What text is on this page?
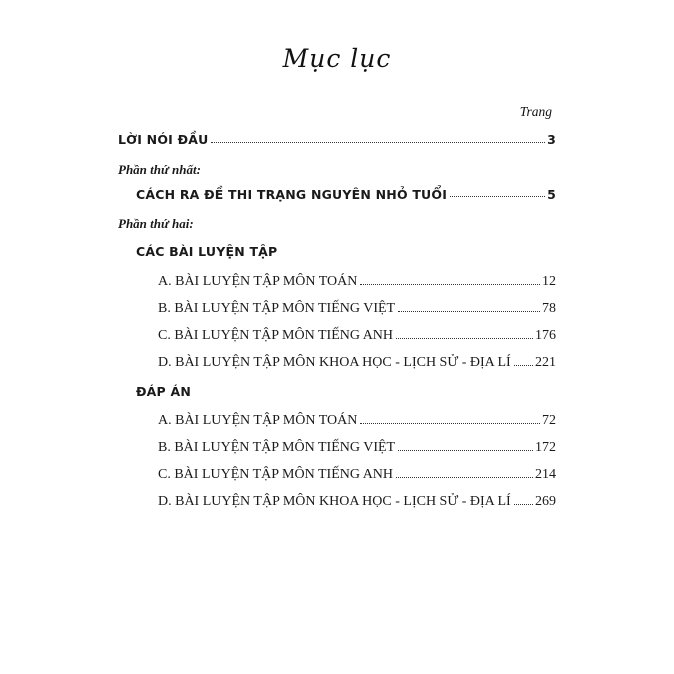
Mục lục
Trang
LỜI NÓI ĐẦU	3
Phần thứ nhất:
CÁCH RA ĐỀ THI TRẠNG NGUYÊN NHỎ TUỔI	5
Phần thứ hai:
CÁC BÀI LUYỆN TẬP
A. BÀI LUYỆN TẬP MÔN TOÁN	12
B. BÀI LUYỆN TẬP MÔN TIẾNG VIỆT	78
C. BÀI LUYỆN TẬP MÔN TIẾNG ANH	176
D. BÀI LUYỆN TẬP MÔN KHOA HỌC - LỊCH SỬ - ĐỊA LÍ 221
ĐÁP ÁN
A. BÀI LUYỆN TẬP MÔN TOÁN	72
B. BÀI LUYỆN TẬP MÔN TIẾNG VIỆT	172
C. BÀI LUYỆN TẬP MÔN TIẾNG ANH	214
D. BÀI LUYỆN TẬP MÔN KHOA HỌC - LỊCH SỬ - ĐỊA LÍ 269
